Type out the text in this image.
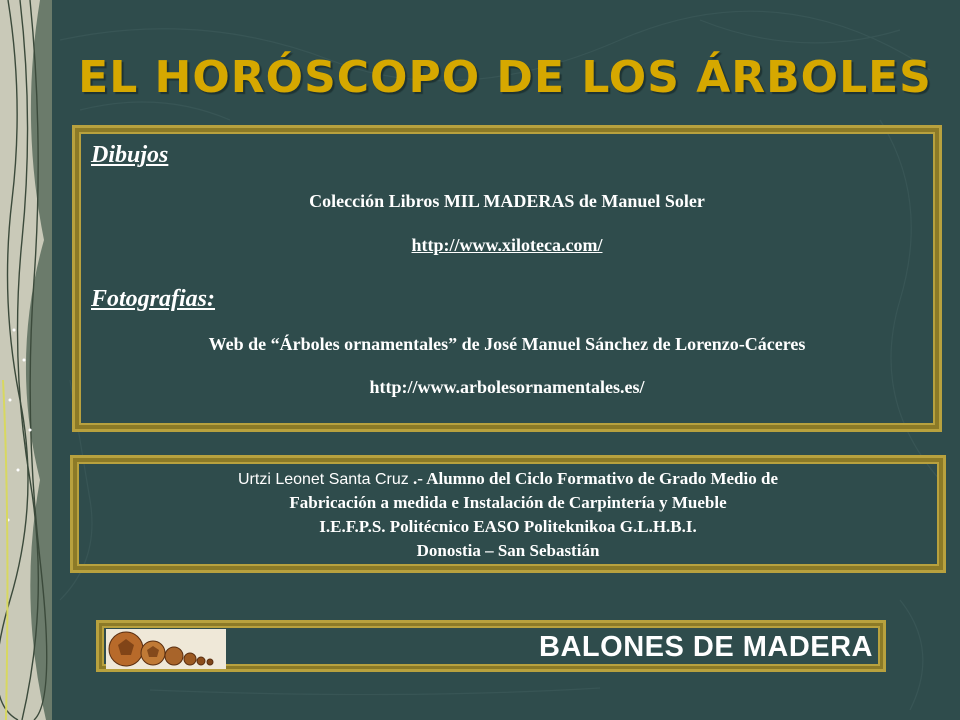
EL HORÓSCOPO DE LOS ÁRBOLES
Dibujos
Colección Libros MIL MADERAS de Manuel Soler
http://www.xiloteca.com/
Fotografias:
Web de “Árboles ornamentales” de José Manuel Sánchez de Lorenzo-Cáceres
http://www.arbolesornamentales.es/
Urtzi Leonet Santa Cruz .- Alumno del Ciclo Formativo de Grado Medio de
Fabricación a medida e Instalación de Carpintería y Mueble
I.E.F.P.S. Politécnico EASO Politeknikoa G.L.H.B.I.
Donostia – San Sebastián
BALONES DE MADERA
